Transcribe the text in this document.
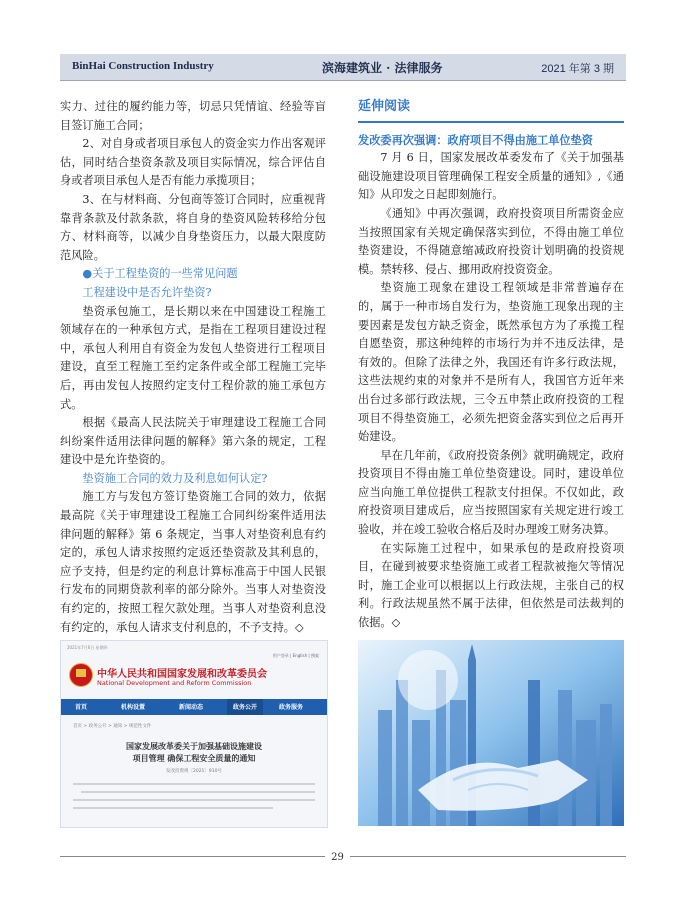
BinHai Construction Industry	滨海建筑业 · 法律服务	2021 年第 3 期

实力、过往的履约能力等，切忌只凭情谊、经验等盲目签订施工合同；

2、对自身或者项目承包人的资金实力作出客观评估，同时结合垫资条款及项目实际情况，综合评估自身或者项目承包人是否有能力承揽项目；

3、在与材料商、分包商等签订合同时，应重视背靠背条款及付款条款，将自身的垫资风险转移给分包方、材料商等，以减少自身垫资压力，以最大限度防范风险。

●关于工程垫资的一些常见问题

工程建设中是否允许垫资?

垫资承包施工，是长期以来在中国建设工程施工领域存在的一种承包方式，是指在工程项目建设过程中，承包人利用自有资金为发包人垫资进行工程项目建设，直至工程施工至约定条件或全部工程施工完毕后，再由发包人按照约定支付工程价款的施工承包方式。

根据《最高人民法院关于审理建设工程施工合同纠纷案件适用法律问题的解释》第六条的规定，工程建设中是允许垫资的。

垫资施工合同的效力及利息如何认定?

施工方与发包方签订垫资施工合同的效力，依据最高院《关于审理建设工程施工合同纠纷案件适用法律问题的解释》第 6 条规定，当事人对垫资利息有约定的，承包人请求按照约定返还垫资款及其利息的，应予支持，但是约定的利息计算标准高于中国人民银行发布的同期贷款利率的部分除外。当事人对垫资没有约定的，按照工程欠款处理。当事人对垫资利息没有约定的，承包人请求支付利息的，不予支持。◇

延伸阅读

发改委再次强调：政府项目不得由施工单位垫资

7 月 6 日，国家发展改革委发布了《关于加强基础设施建设项目管理确保工程安全质量的通知》,《通知》从印发之日起即刻施行。

《通知》中再次强调，政府投资项目所需资金应当按照国家有关规定确保落实到位，不得由施工单位垫资建设，不得随意缩减政府投资计划明确的投资规模。禁转移、侵占、挪用政府投资资金。

垫资施工现象在建设工程领域是非常普遍存在的，属于一种市场自发行为，垫资施工现象出现的主要因素是发包方缺乏资金，既然承包方为了承揽工程自愿垫资，那这种纯粹的市场行为并不违反法律，是有效的。但除了法律之外，我国还有许多行政法规，这些法规约束的对象并不是所有人，我国官方近年来出台过多部行政法规，三令五申禁止政府投资的工程项目不得垫资施工，必须先把资金落实到位之后再开始建设。

早在几年前，《政府投资条例》就明确规定，政府投资项目不得由施工单位垫资建设。同时，建设单位应当向施工单位提供工程款支付担保。不仅如此，政府投资项目建成后，应当按照国家有关规定进行竣工验收，并在竣工验收合格后及时办理竣工财务决算。

在实际施工过程中，如果承包的是政府投资项目，在碰到被要求垫资施工或者工程款被拖欠等情况时，施工企业可以根据以上行政法规，主张自己的权利。行政法规虽然不属于法律，但依然是司法裁判的依据。◇

2021年7月6日 星期四
用户登录 | English | 搜索
中华人民共和国国家发展和改革委员会
National Development and Reform Commission
首页	机构设置	新闻动态	政务公开	政务服务
首页 > 政务公开 > 通知 > 规范性文件
国家发展改革委关于加强基础设施建设
项目管理 确保工程安全质量的通知
发改投资规〔2021〕910号
29
